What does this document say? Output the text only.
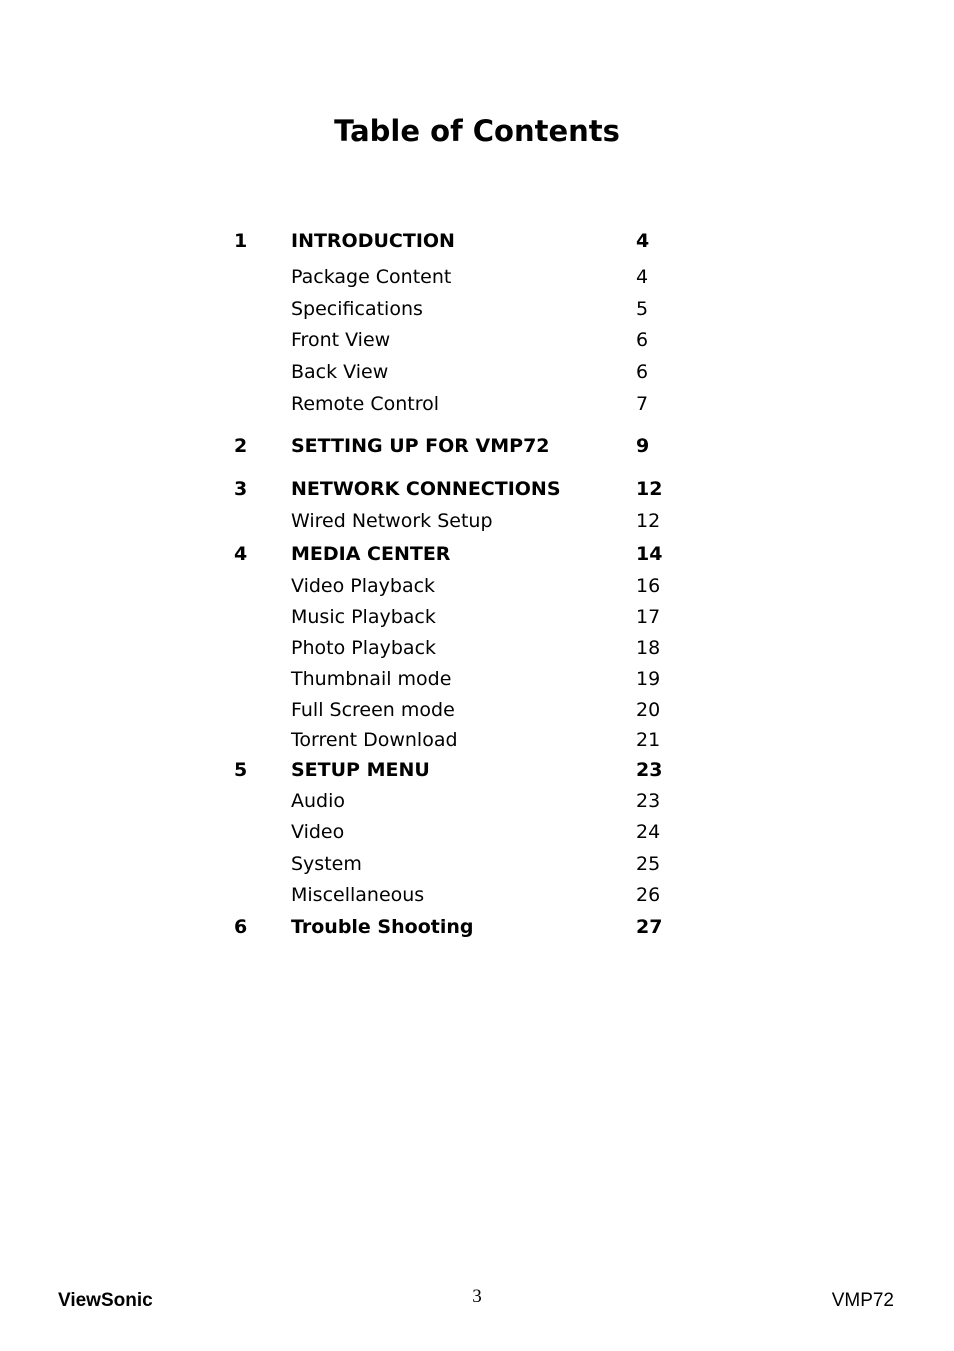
Table of Contents
1 INTRODUCTION	4
Package Content	4
Specifications	5
Front View	6
Back View	6
Remote Control	7
2 SETTING UP FOR VMP72	9
3 NETWORK CONNECTIONS	12
Wired Network Setup	12
4 MEDIA CENTER	14
Video Playback	16
Music Playback	17
Photo Playback	18
Thumbnail mode	19
Full Screen mode	20
Torrent Download	21
5 SETUP MENU	23
Audio	23
Video	24
System	25
Miscellaneous	26
6 Trouble Shooting	27
ViewSonic	3	VMP72
